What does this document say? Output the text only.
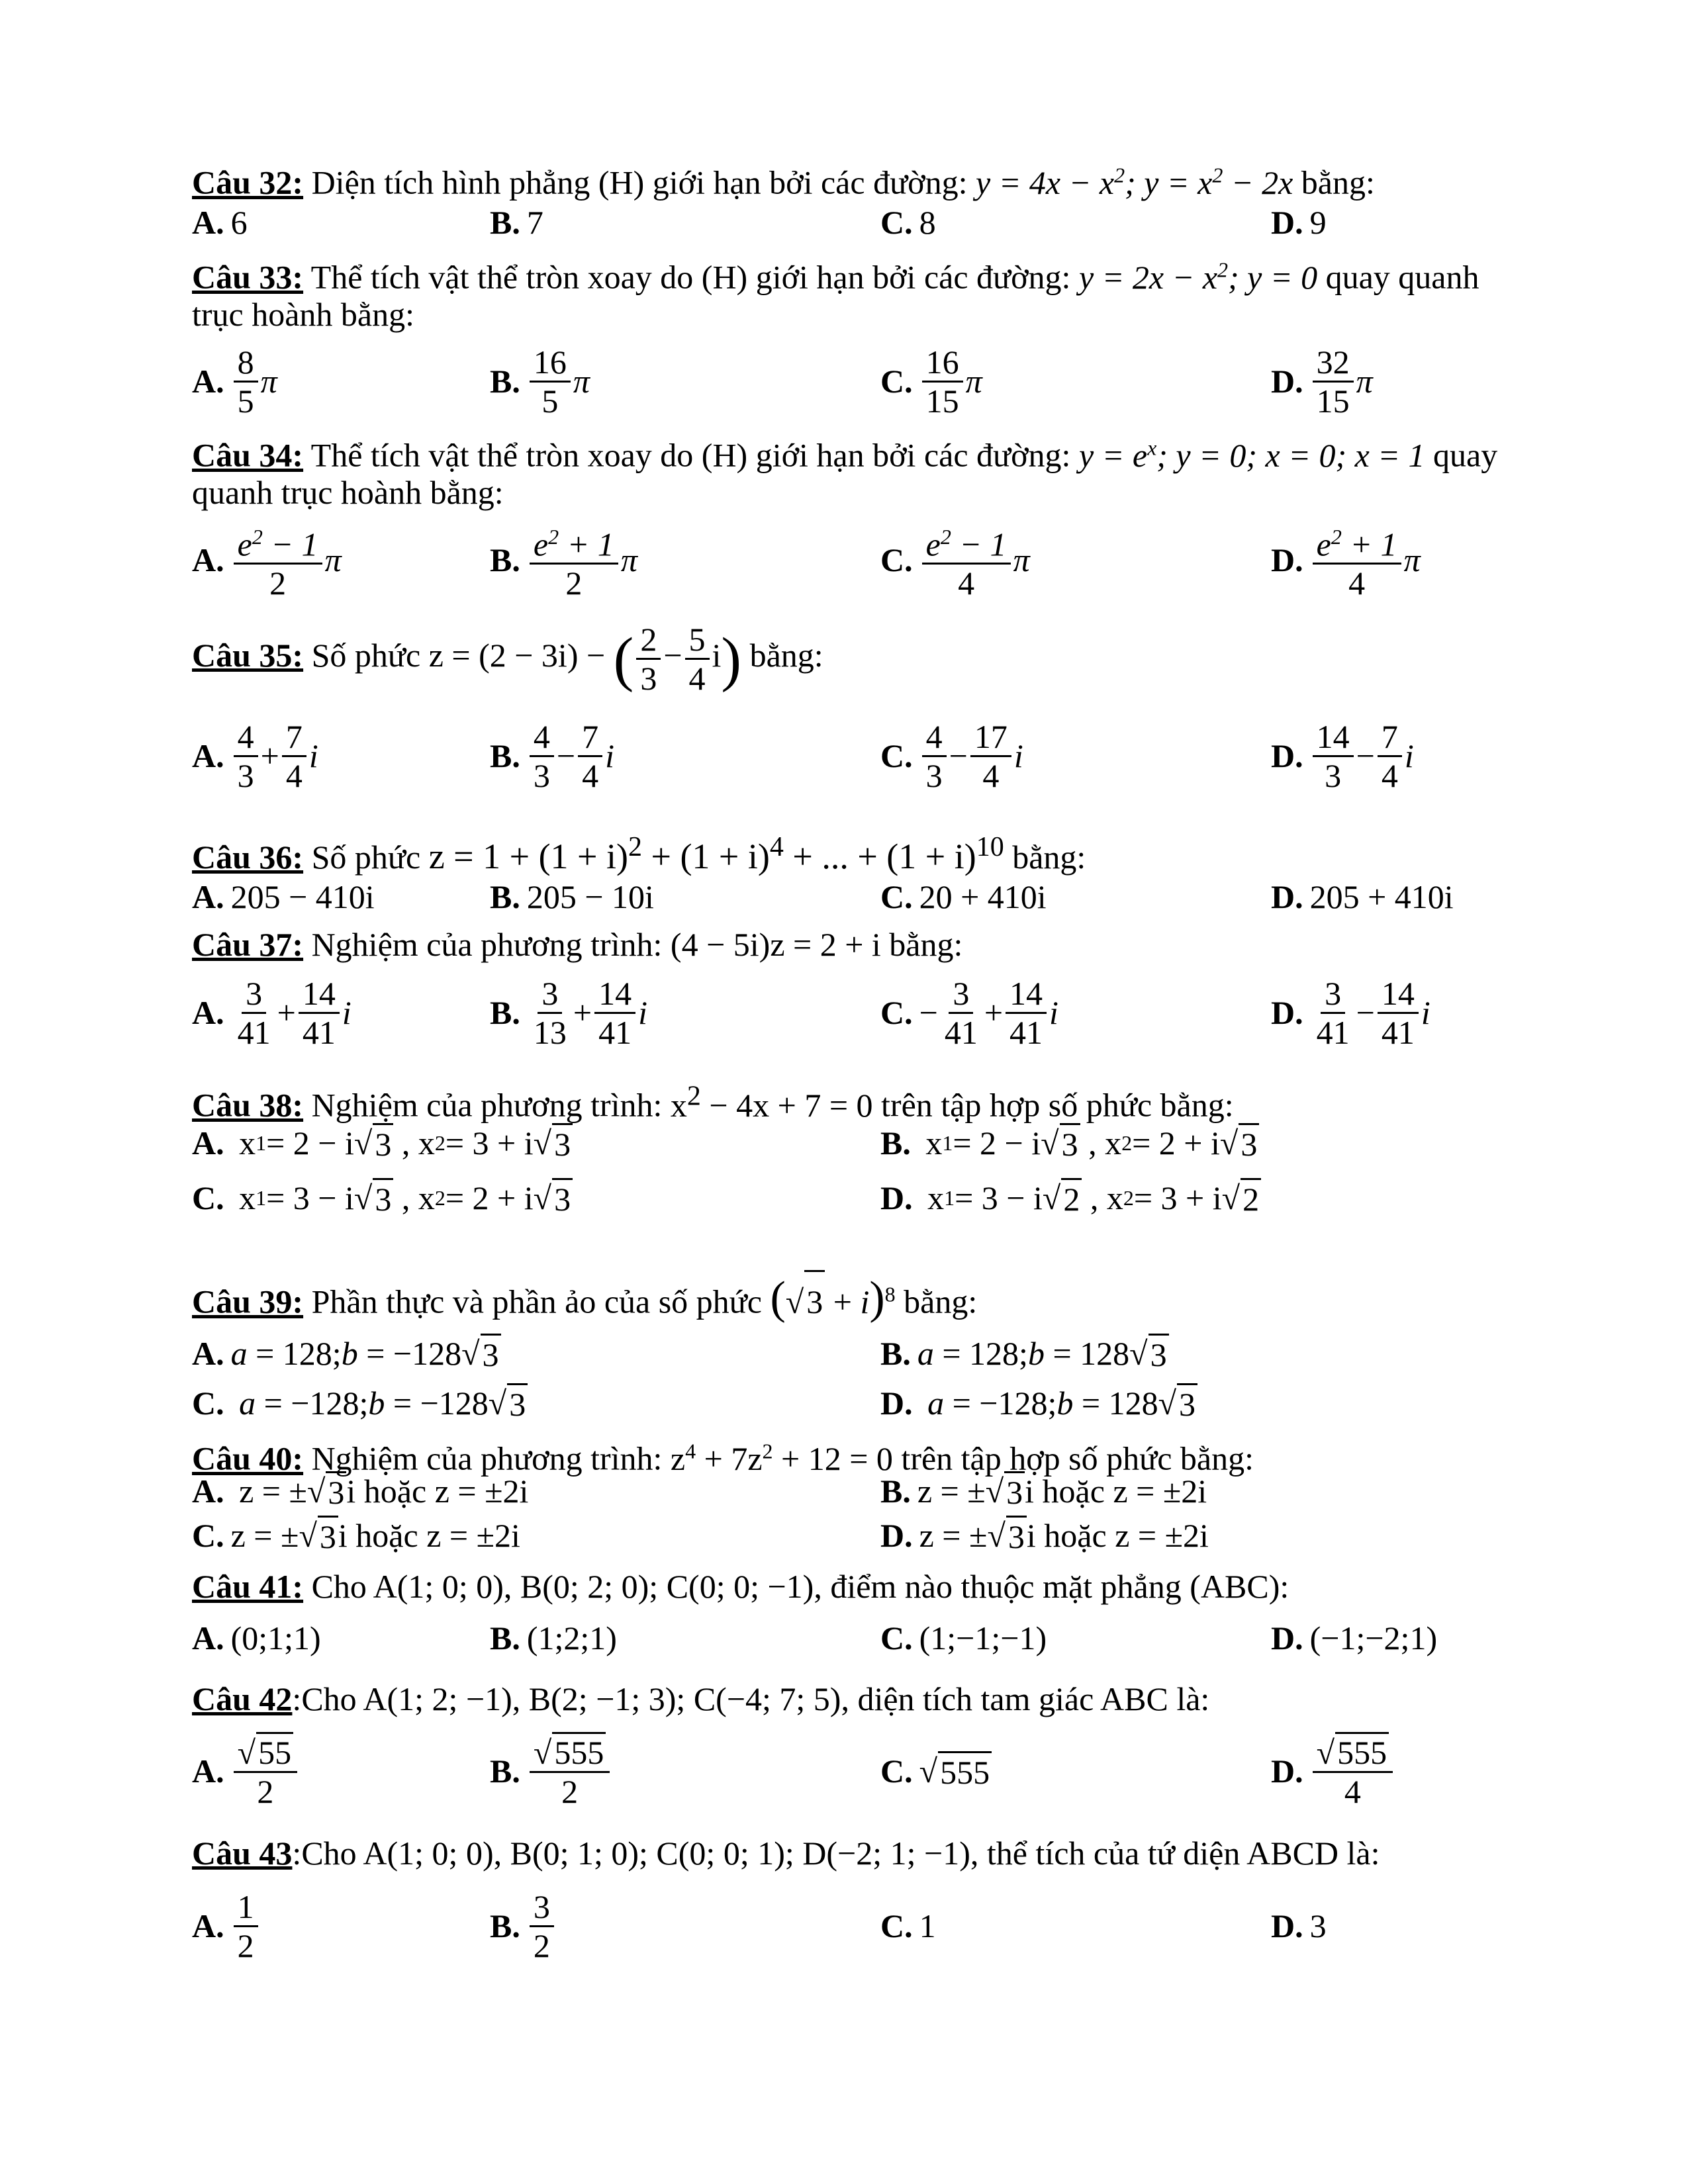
Câu 32: Diện tích hình phẳng (H) giới hạn bởi các đường: $y = 4x - x^2$; $y = x^2 - 2x$ bằng:
A. 6	B. 7	C. 8	D. 9
Câu 33: Thể tích vật thể tròn xoay do (H) giới hạn bởi các đường: $y = 2x - x^2$; y = 0 quay quanh
trục hoành bằng:
A. $\frac{8}{5}$ π	B. $\frac{16}{5}$ π	C. $\frac{16}{15}$ π	D. $\frac{32}{15}$ π
Câu 34: Thể tích vật thể tròn xoay do (H) giới hạn bởi các đường: $y = e^x$; y = 0; x = 0; x = 1 quay
quanh trục hoành bằng:
A. $\frac{e^2 - 1}{2}$ π	B. $\frac{e^2 + 1}{2}$ π	C. $\frac{e^2 - 1}{4}$ π	D. $\frac{e^2 + 1}{4}$ π
Câu 35: Số phức z = (2 − 3i) − ( $\frac{2}{3} - \frac{5}{4} i$) bằng:
A. $\frac{4}{3} + \frac{7}{4}$ i	B. $\frac{4}{3} - \frac{7}{4}$ i	C. $\frac{4}{3} - \frac{17}{4}$ i	D. $\frac{14}{3} - \frac{7}{4}$ i
Câu 36: Số phức $z = 1 + (1 + i)^2 + (1 + i)^4$ + ... + $(1 + i)^{10}$ bằng:
A. 205 − 410i	B. 205 − 10i	C. 20 + 410i	D. 205 + 410i
Câu 37: Nghiệm của phương trình: (4 − 5i)z = 2 + i bằng:
A. $\frac{3}{41} + \frac{14}{41}$ i	B. $\frac{3}{13} + \frac{14}{41}$ i	C. − $\frac{3}{41} + \frac{14}{41}$ i	D. $\frac{3}{41} - \frac{14}{41}$ i
Câu 38: Nghiệm của phương trình: $x^2 - 4x + 7 = 0$ trên tập hợp số phức bằng:
A. x 1 = 2 − i √ 3 , x 2 = 3 + i √ 3	B. x 1 = 2 − i √ 3 , x 2 = 2 + i √ 3
C. x 1 = 3 − i √ 3 , x 2 = 2 + i √ 3	D. x 1 = 3 − i √ 2 , x 2 = 3 + i √ 2
Câu 39: Phần thực và phần ảo của số phức $(√3 + i)^8$ bằng:
A. a = 128; b = −128√ 3	B. a = 128; b = 128√ 3
C.
a = −128; b = −128√ 3	D.
a = −128; b = 128√ 3
Câu 40: Nghiệm của phương trình: $z^4 + 7z^2 + 12 = 0$ trên tập hợp số phức bằng:
A. z = ±√ 3 i hoặc z = ±2i	B. z = ±√ 3 i hoặc z = ±2i
C. z = ±√ 3 i hoặc z = ±2i	D. z = ±√ 3 i hoặc z = ±2i
Câu 41: Cho A(1; 0; 0), B(0; 2; 0); C(0; 0; −1), điểm nào thuộc mặt phẳng (ABC):
A. (0;1;1)	B. (1;2;1)	C. (1;−1;−1)	D. (−1;−2;1)
Câu 42:Cho A(1; 2; −1), B(2; −1; 3); C(−4; 7; 5), diện tích tam giác ABC là:
A. $\frac{√55}{2}$	B. $\frac{√555}{2}$	C. √ 555	D. $\frac{√555}{4}$
Câu 43:Cho A(1; 0; 0), B(0; 1; 0); C(0; 0; 1); D(−2; 1; −1), thể tích của tứ diện ABCD là:
A. $\frac{1}{2}$	B. $\frac{3}{2}$	C. 1	D. 3
